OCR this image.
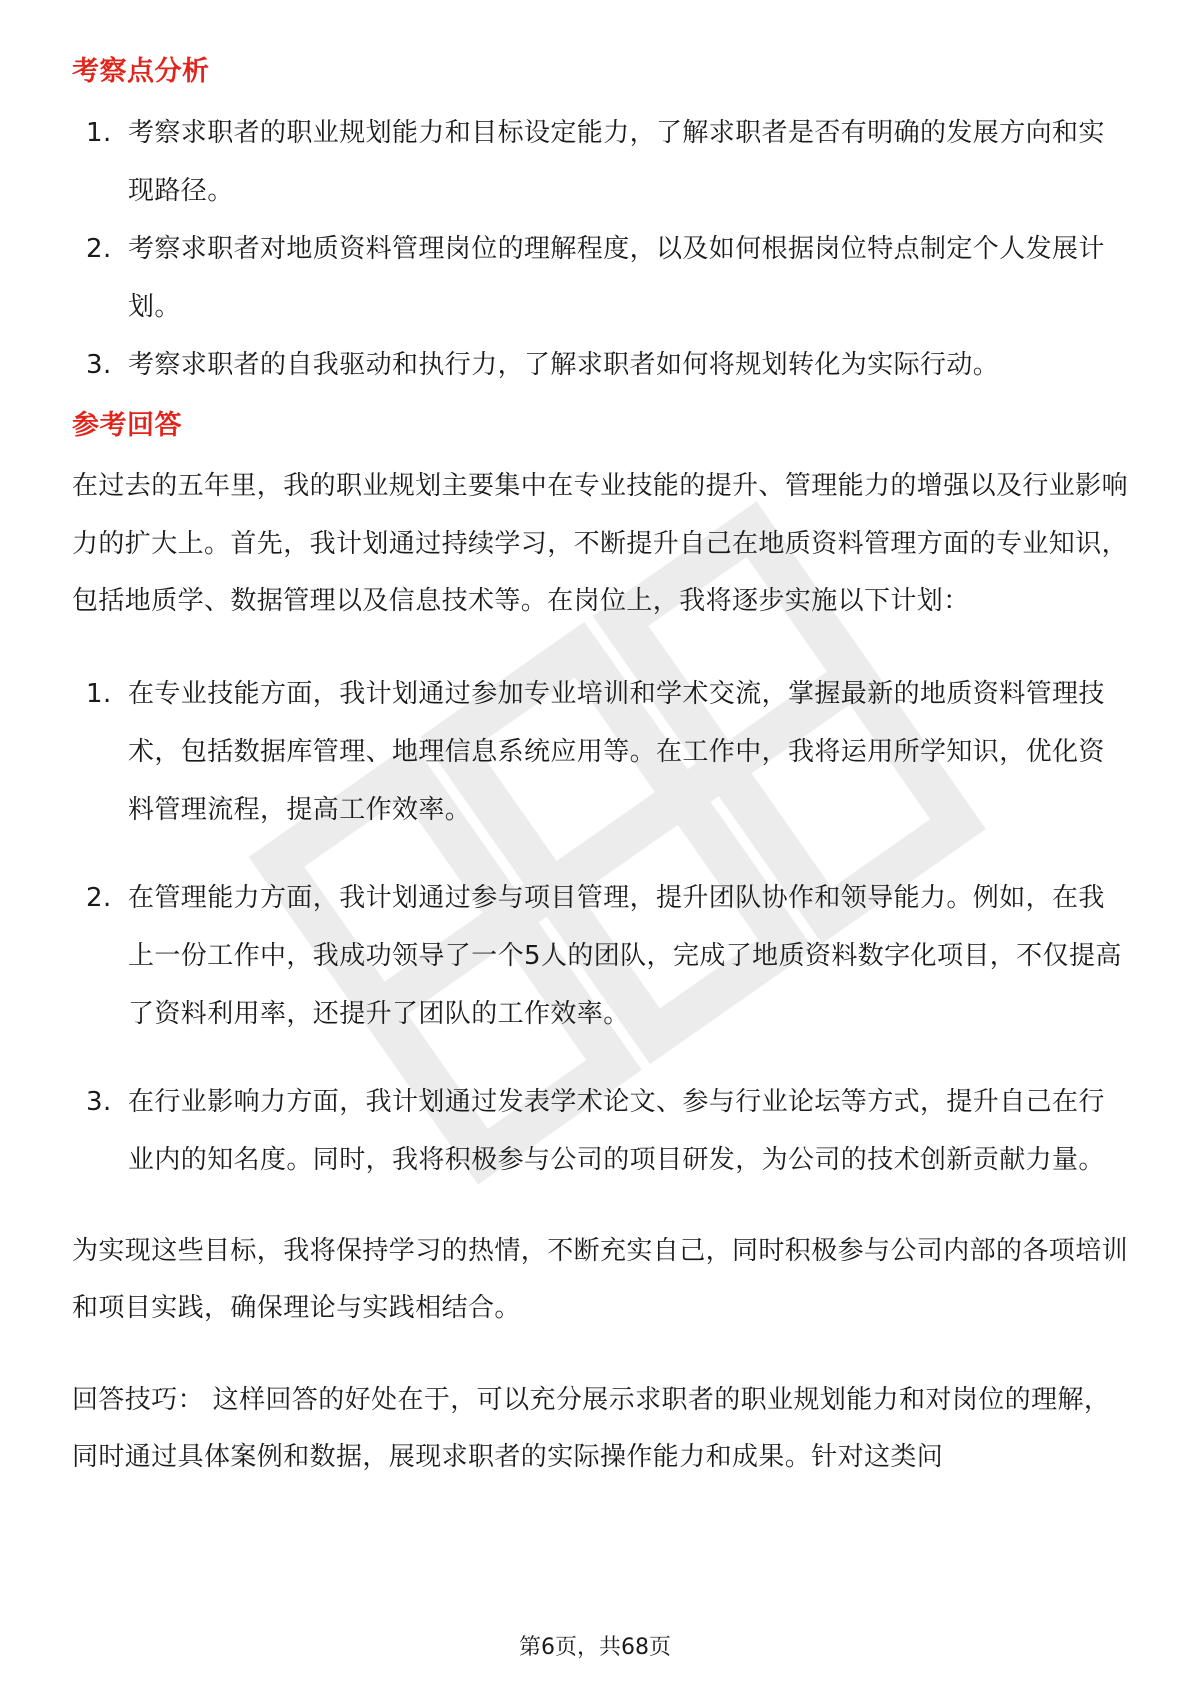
考察点分析
1. 考察求职者的职业规划能力和目标设定能力，了解求职者是否有明确的发展方向和实现路径。
2. 考察求职者对地质资料管理岗位的理解程度，以及如何根据岗位特点制定个人发展计划。
3. 考察求职者的自我驱动和执行力，了解求职者如何将规划转化为实际行动。
参考回答

在过去的五年里，我的职业规划主要集中在专业技能的提升、管理能力的增强以及行业影响力的扩大上。首先，我计划通过持续学习，不断提升自己在地质资料管理方面的专业知识，包括地质学、数据管理以及信息技术等。在岗位上，我将逐步实施以下计划：

1. 在专业技能方面，我计划通过参加专业培训和学术交流，掌握最新的地质资料管理技术，包括数据库管理、地理信息系统应用等。在工作中，我将运用所学知识，优化资料管理流程，提高工作效率。
2. 在管理能力方面，我计划通过参与项目管理，提升团队协作和领导能力。例如，在我上一份工作中，我成功领导了一个5人的团队，完成了地质资料数字化项目，不仅提高了资料利用率，还提升了团队的工作效率。
3. 在行业影响力方面，我计划通过发表学术论文、参与行业论坛等方式，提升自己在行业内的知名度。同时，我将积极参与公司的项目研发，为公司的技术创新贡献力量。

为实现这些目标，我将保持学习的热情，不断充实自己，同时积极参与公司内部的各项培训和项目实践，确保理论与实践相结合。

回答技巧： 这样回答的好处在于，可以充分展示求职者的职业规划能力和对岗位的理解，同时通过具体案例和数据，展现求职者的实际操作能力和成果。针对这类问

第6页，共68页
